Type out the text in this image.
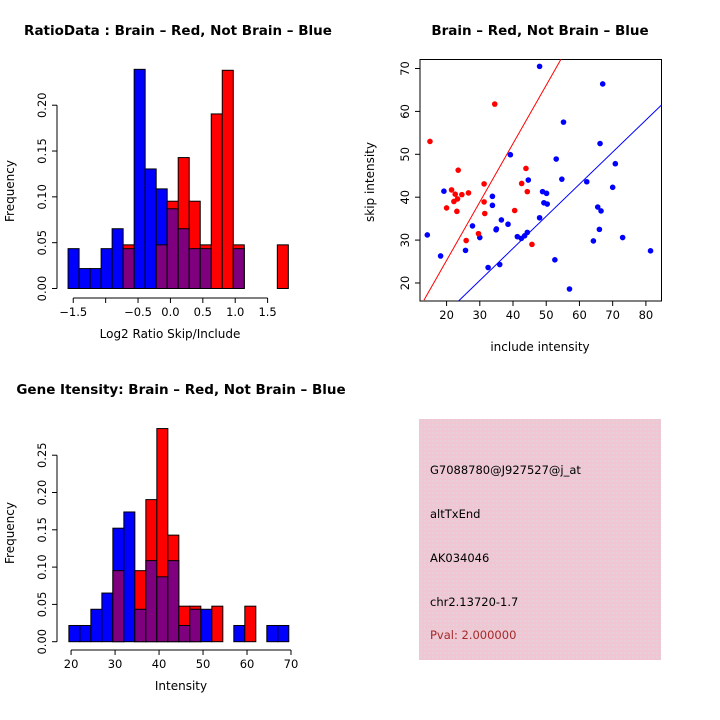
RatioData : Brain – Red, Not Brain – Blue
Log2 Ratio Skip/Include
Frequency
−1.5	−0.5 0.0 0.5 1.0 1.5
0.00
0.05
0.10
0.15
0.20
Brain – Red, Not Brain – Blue
include intensity
skip intensity
20 30 40 50 60 70 80
20
30
40
50
60
70
Gene Itensity: Brain – Red, Not Brain – Blue
Intensity
Frequency
20	30	40	50	60	70
0.00
0.05
0.10
0.15
0.20
0.25
G7088780@J927527@j_at
altTxEnd
AK034046
chr2.13720-1.7
Pval: 2.000000
